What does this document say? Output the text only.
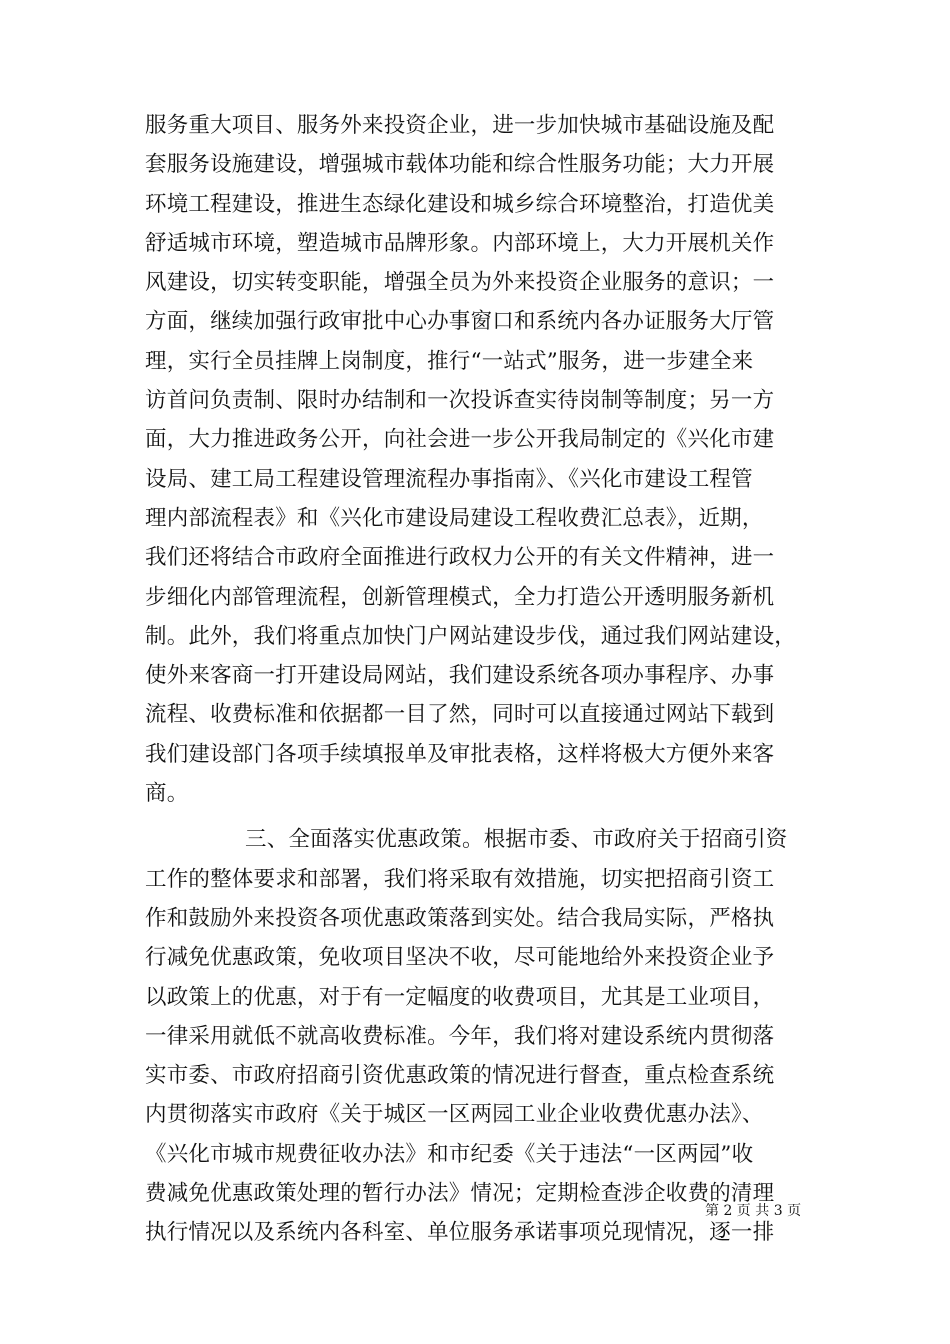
服务重大项目、服务外来投资企业，进一步加快城市基础设施及配
套服务设施建设，增强城市载体功能和综合性服务功能；大力开展
环境工程建设，推进生态绿化建设和城乡综合环境整治，打造优美
舒适城市环境，塑造城市品牌形象。内部环境上，大力开展机关作
风建设，切实转变职能，增强全员为外来投资企业服务的意识；一
方面，继续加强行政审批中心办事窗口和系统内各办证服务大厅管
理，实行全员挂牌上岗制度，推行“一站式”服务，进一步建全来
访首问负责制、限时办结制和一次投诉查实待岗制等制度；另一方
面，大力推进政务公开，向社会进一步公开我局制定的《兴化市建
设局、建工局工程建设管理流程办事指南》、《兴化市建设工程管
理内部流程表》和《兴化市建设局建设工程收费汇总表》，近期，
我们还将结合市政府全面推进行政权力公开的有关文件精神，进一
步细化内部管理流程，创新管理模式，全力打造公开透明服务新机
制。此外，我们将重点加快门户网站建设步伐，通过我们网站建设，
使外来客商一打开建设局网站，我们建设系统各项办事程序、办事
流程、收费标准和依据都一目了然，同时可以直接通过网站下载到
我们建设部门各项手续填报单及审批表格，这样将极大方便外来客
商。
三、全面落实优惠政策。根据市委、市政府关于招商引资
工作的整体要求和部署，我们将采取有效措施，切实把招商引资工
作和鼓励外来投资各项优惠政策落到实处。结合我局实际，严格执
行减免优惠政策，免收项目坚决不收，尽可能地给外来投资企业予
以政策上的优惠，对于有一定幅度的收费项目，尤其是工业项目，
一律采用就低不就高收费标准。今年，我们将对建设系统内贯彻落
实市委、市政府招商引资优惠政策的情况进行督查，重点检查系统
内贯彻落实市政府《关于城区一区两园工业企业收费优惠办法》、
《兴化市城市规费征收办法》和市纪委《关于违法“一区两园”收
费减免优惠政策处理的暂行办法》情况；定期检查涉企收费的清理
执行情况以及系统内各科室、单位服务承诺事项兑现情况，逐一排
第 2 页 共 3 页
